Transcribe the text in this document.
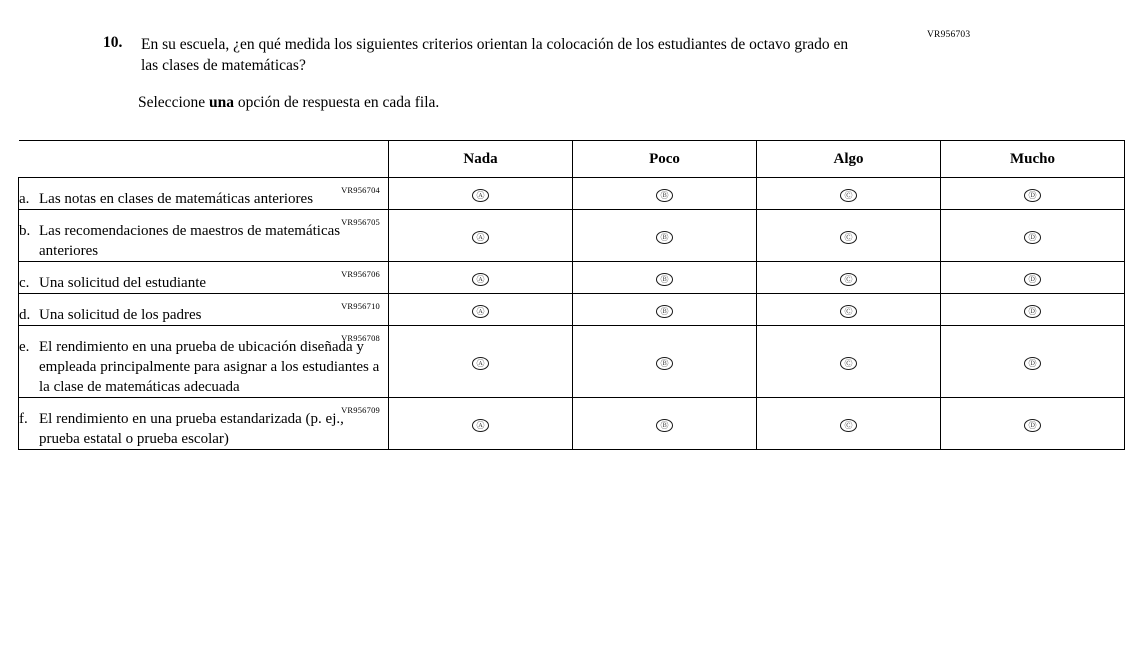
VR956703
10.	En su escuela, ¿en qué medida los siguientes criterios orientan la colocación de los estudiantes de octavo grado en las clases de matemáticas?
Seleccione una opción de respuesta en cada fila.
	Nada	Poco	Algo	Mucho

VR956704
a. Las notas en clases de matemáticas anteriores	Ⓐ	Ⓑ	Ⓒ	Ⓓ

VR956705
b. Las recomendaciones de maestros de matemáticas anteriores	Ⓐ	Ⓑ	Ⓒ	Ⓓ

VR956706
c. Una solicitud del estudiante	Ⓐ	Ⓑ	Ⓒ	Ⓓ

VR956710
d. Una solicitud de los padres	Ⓐ	Ⓑ	Ⓒ	Ⓓ

VR956708
e. El rendimiento en una prueba de ubicación diseñada y empleada principalmente para asignar a los estudiantes a la clase de matemáticas adecuada	Ⓐ	Ⓑ	Ⓒ	Ⓓ

VR956709
f. El rendimiento en una prueba estandarizada (p. ej., prueba estatal o prueba escolar)	Ⓐ	Ⓑ	Ⓒ	Ⓓ
